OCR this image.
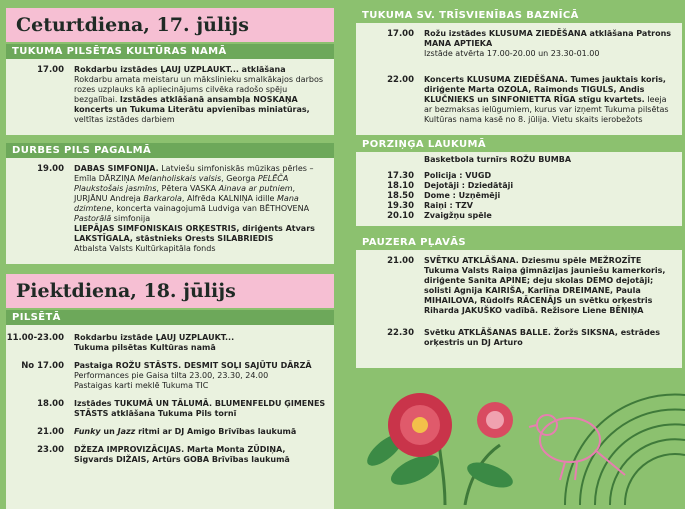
Ceturtdiena, 17. jūlijs
TUKUMA PILSĒTAS KULTŪRAS NAMĀ
17.00	Rokdarbu izstādes ĻAUJ UZPLAUKT... atklāšana
Rokdarbu amata meistaru un mākslinieku smalkākajos darbos rozes uzplauks kā apliecinājums cilvēka radošo spēju bezgalībai. Izstādes atklāšanā ansambļa NOSKAŅA koncerts un Tukuma Literātu apvienības miniatūras, veltītas izstādes darbiem
DURBES PILS PAGALMĀ
19.00	DABAS SIMFONIJA. Latviešu simfoniskās mūzikas pērles – Emīla DĀRZIŅA Melanholiskais valsis, Georga PELĒČA Plaukstošais jasmīns, Pētera VASKA Ainava ar putniem, JURJĀNU Andreja Barkarola, Alfrēda KALNIŅA idille Mana dzimtene, koncerta vainagojumā Ludviga van BĒTHOVENA Pastorālā simfonija
LIEPĀJAS SIMFONISKAIS ORĶESTRIS, diriģents Atvars LAKSTĪGALA, stāstnieks Orests SILABRIEDIS
Atbalsta Valsts Kultūrkapitāla fonds
Piektdiena, 18. jūlijs
PILSĒTĀ
11.00-23.00	Rokdarbu izstāde ĻAUJ UZPLAUKT...
Tukuma pilsētas Kultūras namā
No 17.00	Pastaiga ROŽU STĀSTS. DESMIT SOĻI SAJŪTU DĀRZĀ
Performances pie Gaisa tilta 23.00, 23.30, 24.00
Pastaigas karti meklē Tukuma TIC
18.00	Izstādes TUKUMĀ UN TĀLUMĀ. BLUMENFELDU ĢIMENES STĀSTS atklāšana Tukuma Pils tornī
21.00	Funky un Jazz ritmi ar DJ Amigo Brīvības laukumā
23.00	DŽEZA IMPROVIZĀCIJAS. Marta Monta ZŪDIŅA, Sigvards DIŽAIS, Artūrs GOBA Brīvības laukumā
TUKUMA SV. TRĪSVIENĪBAS BAZNĪCĀ
17.00	Rožu izstādes KLUSUMA ZIEDĒŠANA atklāšana Patrons MANA APTIEKA
Izstāde atvērta 17.00-20.00 un 23.30-01.00
22.00	Koncerts KLUSUMA ZIEDĒŠANA. Tumes jauktais koris, diriģente Marta OZOLA, Raimonds TIGULS, Andis KLUČNIEKS un SINFONIETTA RĪGA stīgu kvartets. Ieeja ar bezmaksas ielūgumiem, kurus var izņemt Tukuma pilsētas Kultūras nama kasē no 8. jūlija. Vietu skaits ierobežots
PORZIŅĢA LAUKUMĀ
Basketbola turnīrs ROŽU BUMBA
17.30	Policija : VUGD
18.10	Dejotāji : Dziedātāji
18.50	Dome : Uzņēmēji
19.30	Raiņi : TZV
20.10	Zvaigžņu spēle
PAUZERA PĻAVĀS
21.00	SVĒTKU ATKLĀŠANA. Dziesmu spēle MEŽROZĪTE Tukuma Valsts Raiņa ģimnāzijas jauniešu kamerkoris, diriģente Sanita APINE; deju skolas DEMO dejotāji; solisti Agnija KAIRIŠA, Karlīna DREIMANE, Paula MIHAILOVA, Rūdolfs RĀCENĀJS un svētku orķestris Riharda JAKUŠKO vadībā. Režisore Liene BĒNIŅA
22.30	Svētku ATKLĀŠANAS BALLE. Žoržs SIKSNA, estrādes orķestris un DJ Arturo
